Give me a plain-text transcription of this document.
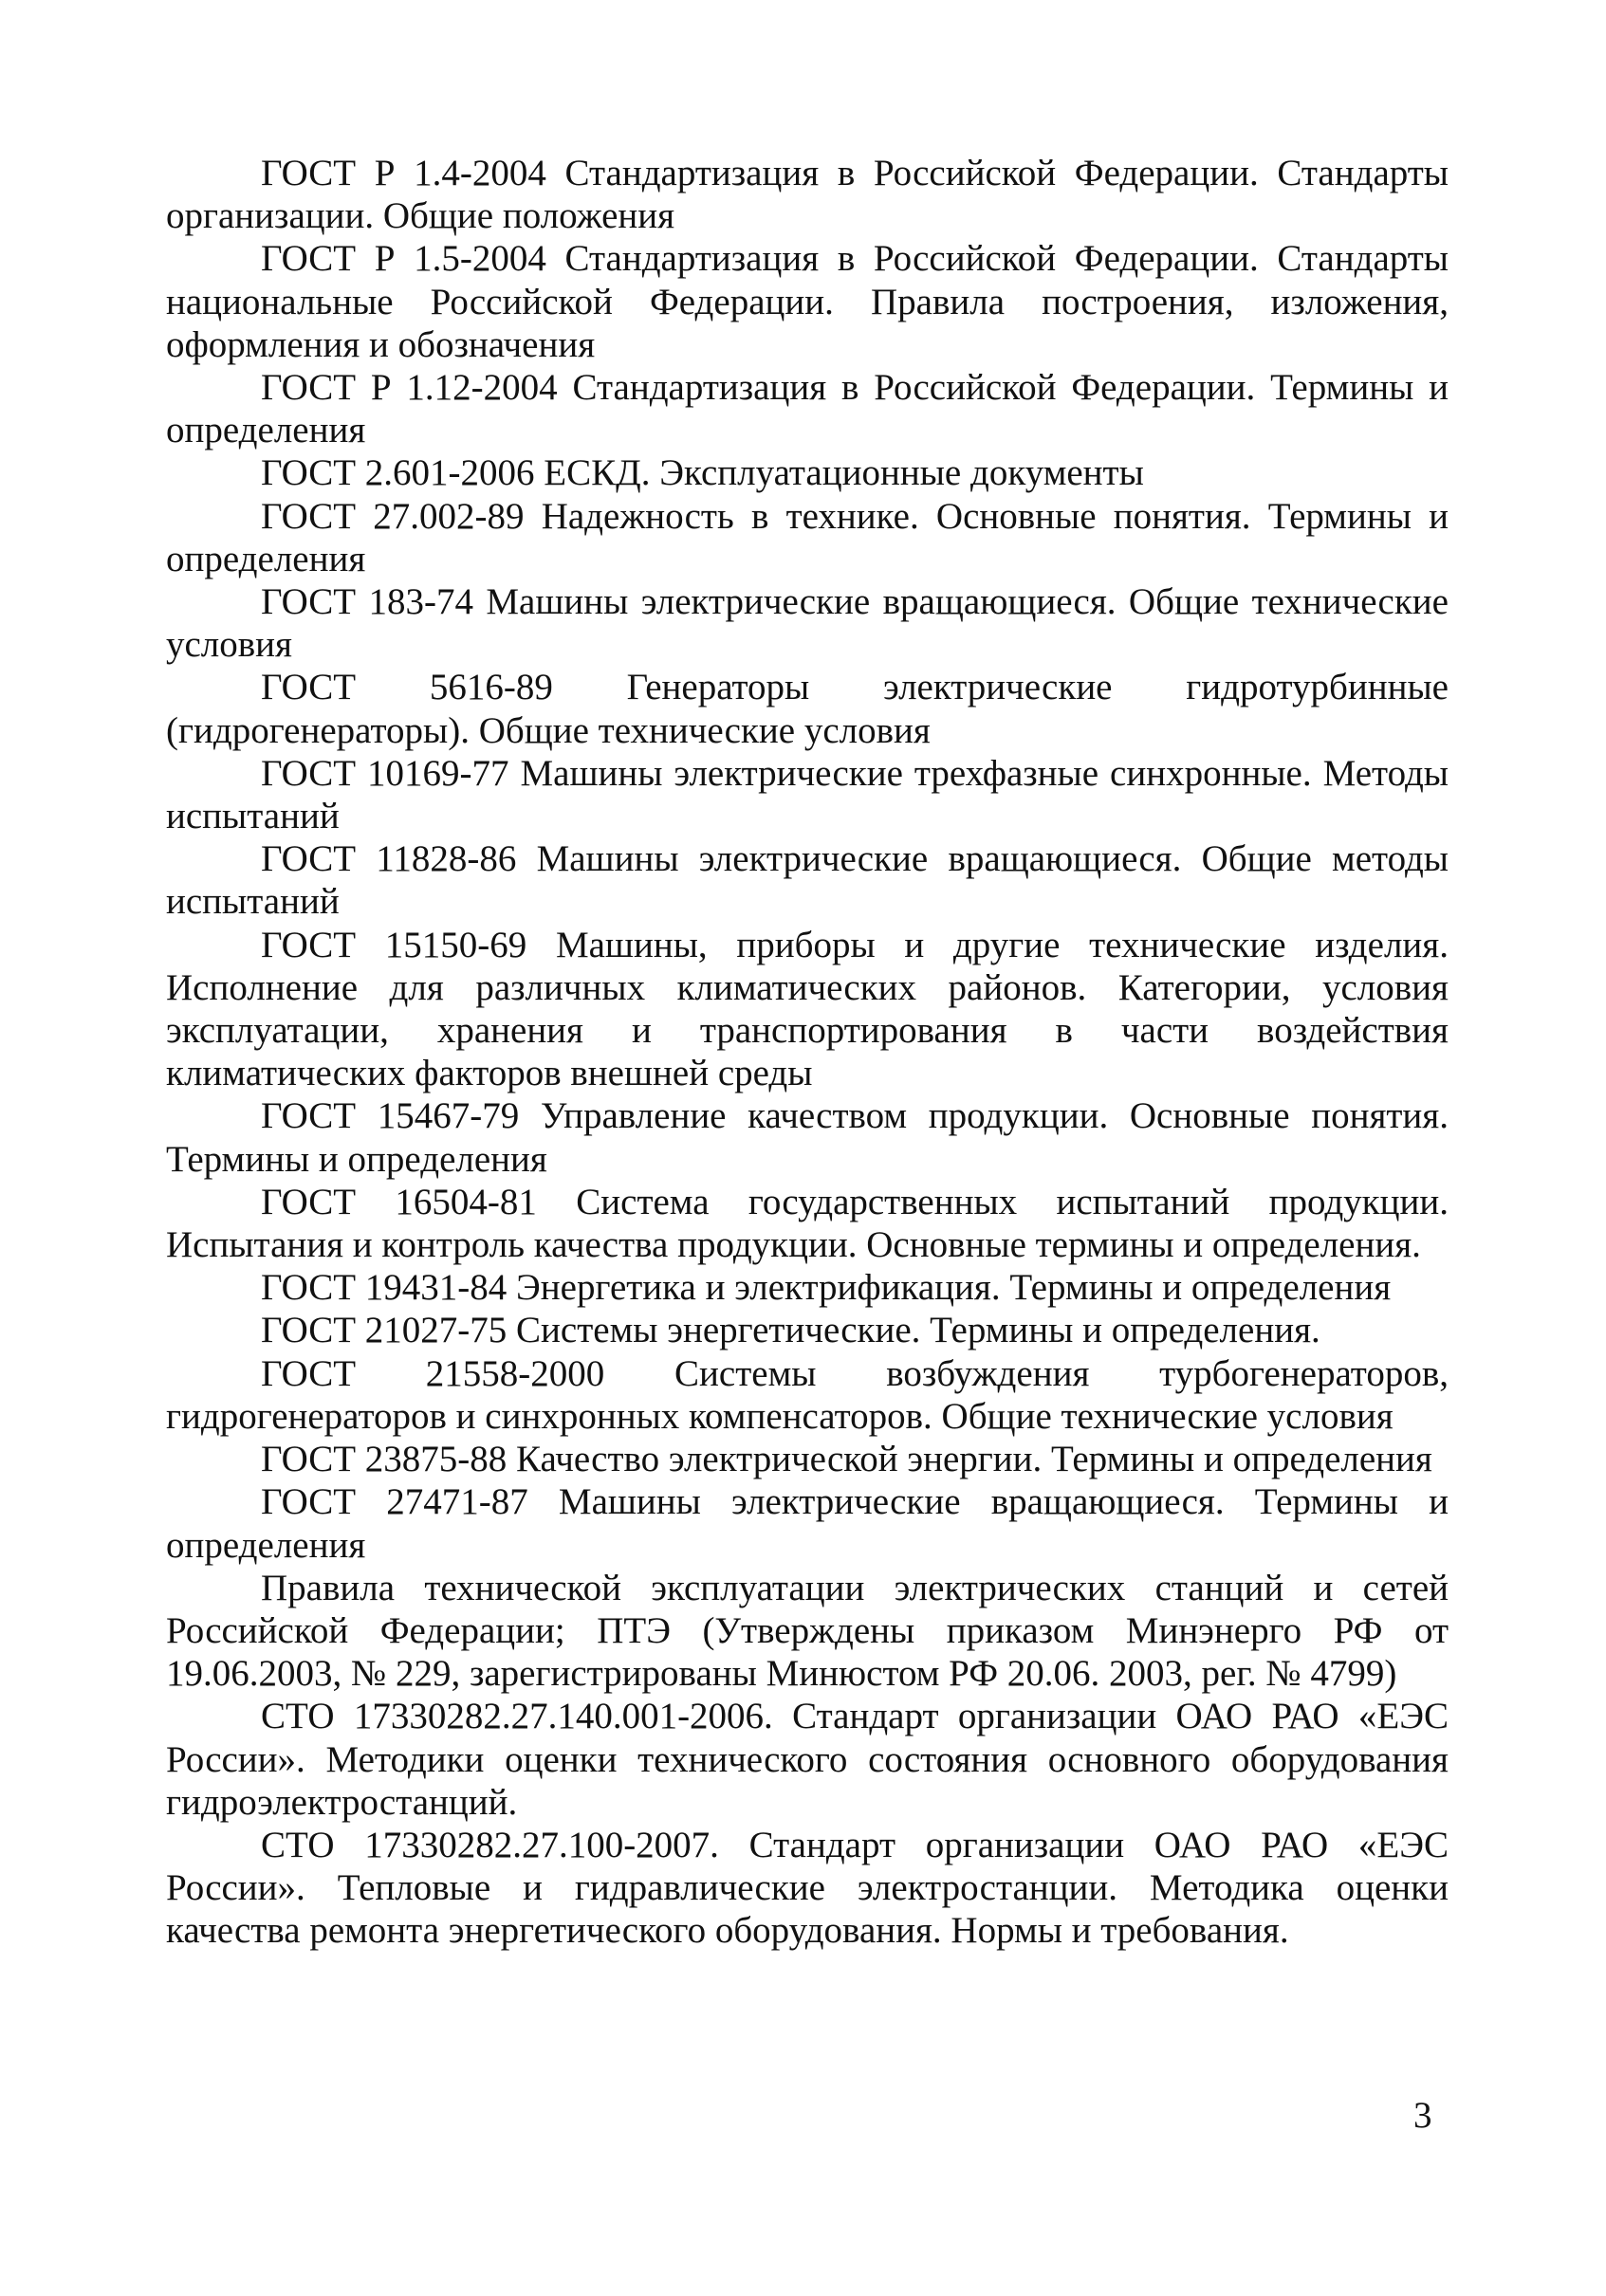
ГОСТ Р 1.4-2004 Стандартизация в Российской Федерации. Стандарты организации. Общие положения

ГОСТ Р 1.5-2004 Стандартизация в Российской Федерации. Стандарты национальные Российской Федерации. Правила построения, изложения, оформления и обозначения

ГОСТ Р 1.12-2004 Стандартизация в Российской Федерации. Термины и определения

ГОСТ 2.601-2006 ЕСКД. Эксплуатационные документы

ГОСТ 27.002-89 Надежность в технике. Основные понятия. Термины и определения

ГОСТ 183-74 Машины электрические вращающиеся. Общие технические условия

ГОСТ 5616-89 Генераторы электрические гидротурбинные (гидрогенераторы). Общие технические условия

ГОСТ 10169-77 Машины электрические трехфазные синхронные. Методы испытаний

ГОСТ 11828-86 Машины электрические вращающиеся. Общие методы испытаний

ГОСТ 15150-69 Машины, приборы и другие технические изделия. Исполнение для различных климатических районов. Категории, условия эксплуатации, хранения и транспортирования в части воздействия климатических факторов внешней среды

ГОСТ 15467-79 Управление качеством продукции. Основные понятия. Термины и определения

ГОСТ 16504-81 Система государственных испытаний продукции. Испытания и контроль качества продукции. Основные термины и определения.

ГОСТ 19431-84 Энергетика и электрификация. Термины и определения

ГОСТ 21027-75 Системы энергетические. Термины и определения.

ГОСТ 21558-2000 Системы возбуждения турбогенераторов, гидрогенераторов и синхронных компенсаторов. Общие технические условия

ГОСТ 23875-88 Качество электрической энергии. Термины и определения

ГОСТ 27471-87 Машины электрические вращающиеся. Термины и определения

Правила технической эксплуатации электрических станций и сетей Российской Федерации; ПТЭ (Утверждены приказом Минэнерго РФ от 19.06.2003, № 229, зарегистрированы Минюстом РФ 20.06. 2003, рег. № 4799)

СТО 17330282.27.140.001-2006. Стандарт организации ОАО РАО «ЕЭС России». Методики оценки технического состояния основного оборудования гидроэлектростанций.

СТО 17330282.27.100-2007. Стандарт организации ОАО РАО «ЕЭС России». Тепловые и гидравлические электростанции. Методика оценки качества ремонта энергетического оборудования. Нормы и требования.

3
